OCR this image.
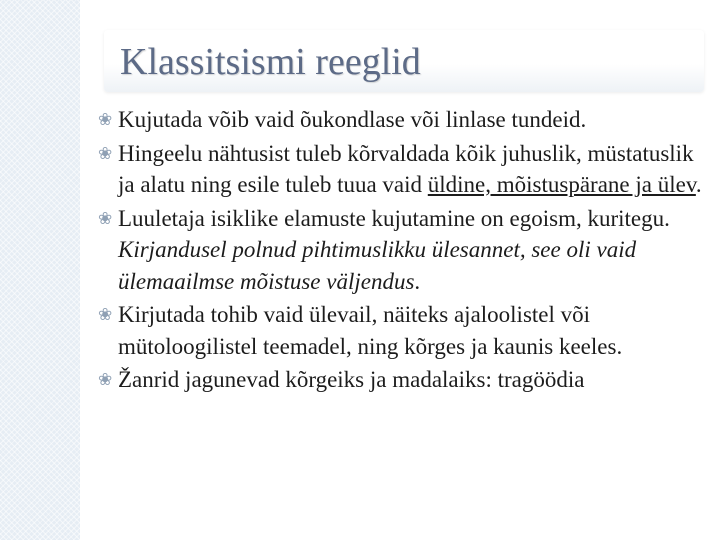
Klassitsismi reeglid
❀ Kujutada võib vaid õukondlase või linlase tundeid.
❀ Hingeelu nähtusist tuleb kõrvaldada kõik juhuslik, müstatuslik ja alatu ning esile tuleb tuua vaid üldine, mõistuspärane ja ülev.
❀ Luuletaja isiklike elamuste kujutamine on egoism, kuritegu. Kirjandusel polnud pihtimuslikku ülesannet, see oli vaid ülemaailmse mõistuse väljendus.
❀ Kirjutada tohib vaid ülevail, näiteks ajaloolistel või mütoloogilistel teemadel, ning kõrges ja kaunis keeles.
❀ Žanrid jagunevad kõrgeiks ja madalaiks: tragöödia
